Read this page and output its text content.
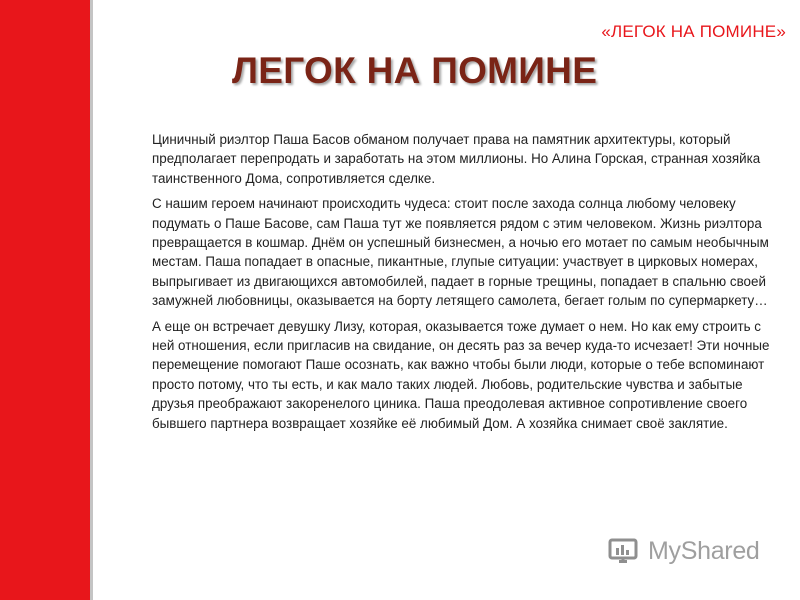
«ЛЕГОК НА ПОМИНЕ»
ЛЕГОК НА ПОМИНЕ

Циничный риэлтор Паша Басов обманом получает права на памятник архитектуры, который предполагает перепродать и заработать на этом миллионы. Но Алина Горская, странная хозяйка таинственного Дома, сопротивляется сделке.

С нашим героем начинают происходить чудеса: стоит после захода солнца любому человеку подумать о Паше Басове, сам Паша тут же появляется рядом с этим человеком. Жизнь риэлтора превращается в кошмар. Днём он успешный бизнесмен, а ночью его мотает по самым необычным местам. Паша попадает в опасные, пикантные, глупые ситуации: участвует в цирковых номерах, выпрыгивает из двигающихся автомобилей, падает в горные трещины, попадает в спальню своей замужней любовницы, оказывается на борту летящего самолета, бегает голым по супермаркету…

А еще он встречает девушку Лизу, которая, оказывается тоже думает о нем. Но как ему строить с ней отношения, если пригласив на свидание, он десять раз за вечер куда-то исчезает! Эти ночные перемещение помогают Паше осознать, как важно чтобы были люди, которые о тебе вспоминают просто потому, что ты есть, и как мало таких людей. Любовь, родительские чувства и забытые друзья преображают закоренелого циника. Паша преодолевая активное сопротивление своего бывшего партнера возвращает хозяйке её любимый Дом. А хозяйка снимает своё заклятие.

MyShared
